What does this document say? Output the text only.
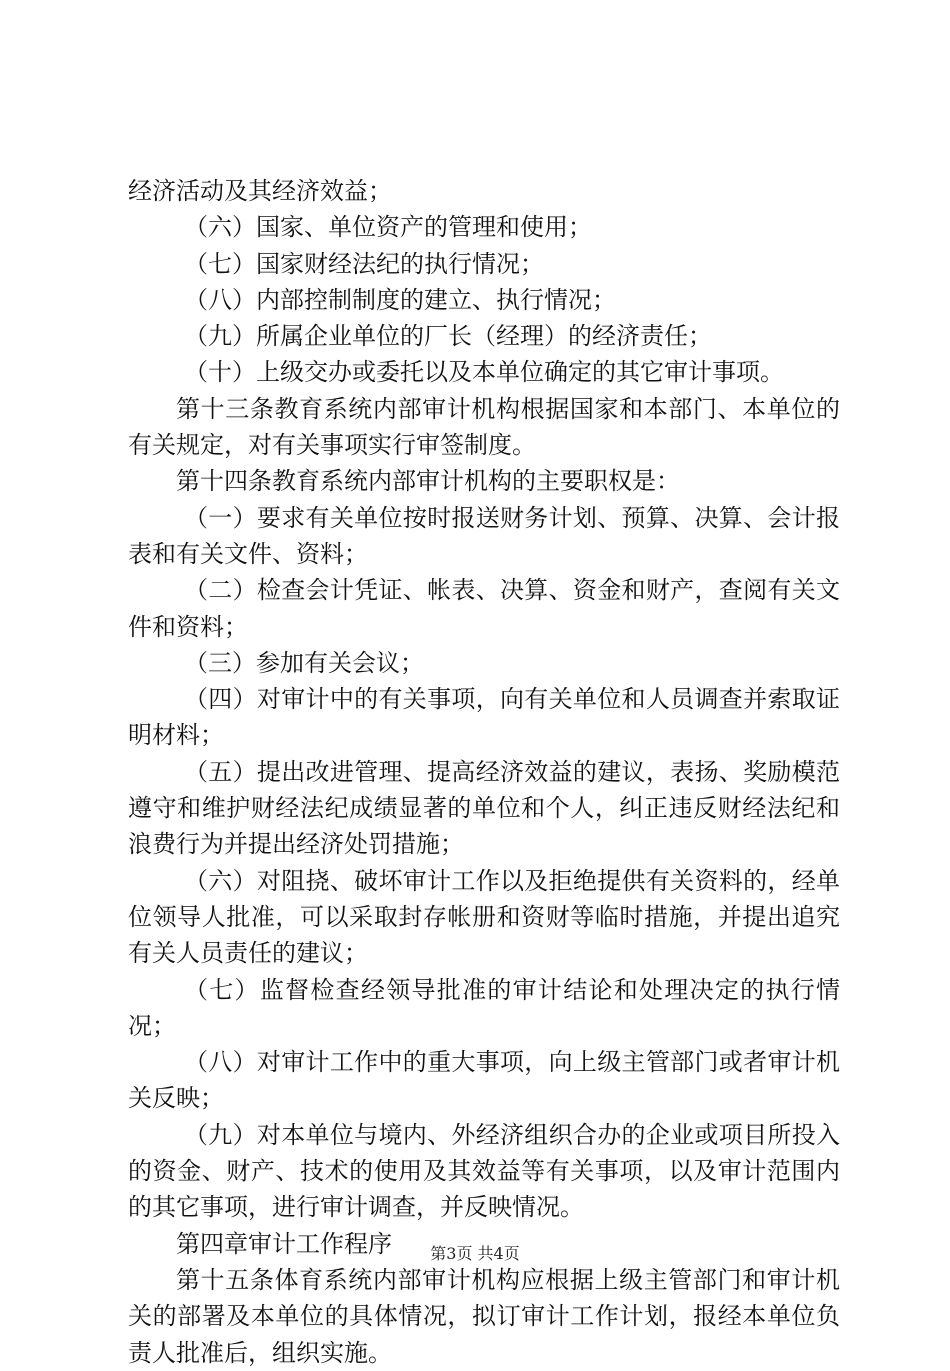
经济活动及其经济效益；

（六）国家、单位资产的管理和使用；

（七）国家财经法纪的执行情况；

（八）内部控制制度的建立、执行情况；

（九）所属企业单位的厂长（经理）的经济责任；

（十）上级交办或委托以及本单位确定的其它审计事项。

第十三条教育系统内部审计机构根据国家和本部门、本单位的有关规定，对有关事项实行审签制度。

第十四条教育系统内部审计机构的主要职权是：

（一）要求有关单位按时报送财务计划、预算、决算、会计报表和有关文件、资料；

（二）检查会计凭证、帐表、决算、资金和财产，查阅有关文件和资料；

（三）参加有关会议；

（四）对审计中的有关事项，向有关单位和人员调查并索取证明材料；

（五）提出改进管理、提高经济效益的建议，表扬、奖励模范遵守和维护财经法纪成绩显著的单位和个人，纠正违反财经法纪和浪费行为并提出经济处罚措施；

（六）对阻挠、破坏审计工作以及拒绝提供有关资料的，经单位领导人批准，可以采取封存帐册和资财等临时措施，并提出追究有关人员责任的建议；

（七）监督检查经领导批准的审计结论和处理决定的执行情况；

（八）对审计工作中的重大事项，向上级主管部门或者审计机关反映；

（九）对本单位与境内、外经济组织合办的企业或项目所投入的资金、财产、技术的使用及其效益等有关事项，以及审计范围内的其它事项，进行审计调查，并反映情况。

第四章审计工作程序

第十五条体育系统内部审计机构应根据上级主管部门和审计机关的部署及本单位的具体情况，拟订审计工作计划，报经本单位负责人批准后，组织实施。

第3页 共4页
